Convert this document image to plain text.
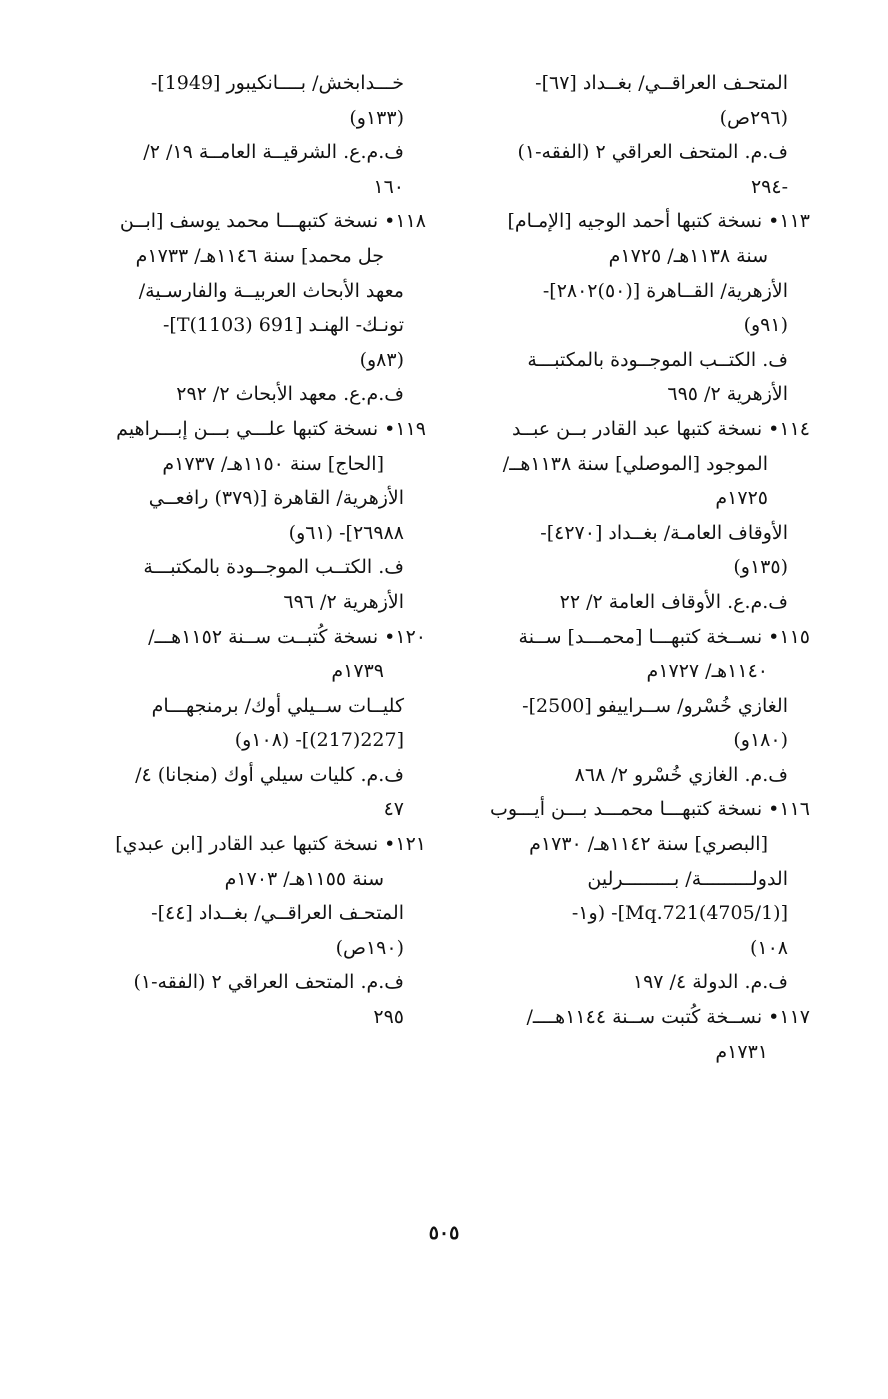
المتحـف العراقــي/ بغــداد [٦٧]-
(٢٩٦ص)
ف.م. المتحف العراقي ٢ (الفقه-١)
-٢٩٤
١١٣• نسخة كتبها أحمد الوجيه [الإمـام]
سنة ١١٣٨هـ/ ١٧٢٥م
الأزهرية/ القــاهرة [(٥٠)٢٨٠٢]-
(٩١و)
ف. الكتــب الموجــودة بالمكتبـــة
الأزهرية ٢/ ٦٩٥
١١٤• نسخة كتبها عبد القادر بــن عبــد
الموجود [الموصلي] سنة ١١٣٨هــ/
١٧٢٥م
الأوقاف العامـة/ بغــداد [٤٢٧٠]-
(١٣٥و)
ف.م.ع. الأوقاف العامة ٢/ ٢٢
١١٥• نســخة كتبهـــا [محمـــد] ســنة
١١٤٠هـ/ ١٧٢٧م
الغازي خُسْرو/ ســراييفو [2500]-
(١٨٠و)
ف.م. الغازي خُسْرو ٢/ ٨٦٨
١١٦• نسخة كتبهـــا محمـــد بـــن أيـــوب
[البصري] سنة ١١٤٢هـ/ ١٧٣٠م
الدولـــــــــة/ بـــــــــرلين
[Mq.721(4705/1)]- (و١-
١٠٨)
ف.م. الدولة ٤/ ١٩٧
١١٧• نســخة كُتبت ســنة ١١٤٤هــــ/
١٧٣١م
خـــدابخش/ بــــانكيبور [1949]-
(١٣٣و)
ف.م.ع. الشرقيــة العامــة ١٩/ ٢/
١٦٠
١١٨• نسخة كتبهـــا محمد يوسف [ابــن
جل محمد] سنة ١١٤٦هـ/ ١٧٣٣م
معهد الأبحاث العربيــة والفارسـية/
تونـك- الهنـد [691 T(1103)]-
(٨٣و)
ف.م.ع. معهد الأبحاث ٢/ ٢٩٢
١١٩• نسخة كتبها علـــي بـــن إبـــراهيم
[الحاج] سنة ١١٥٠هـ/ ١٧٣٧م
الأزهرية/ القاهرة [(٣٧٩) رافعــي
٢٦٩٨٨]- (٦١و)
ف. الكتــب الموجــودة بالمكتبـــة
الأزهرية ٢/ ٦٩٦
١٢٠• نسخة كُتبــت ســنة ١١٥٢هـــ/
١٧٣٩م
كليــات ســيلي أوك/ برمنجهـــام
[227(217)]- (١٠٨و)
ف.م. كليات سيلي أوك (منجانا) ٤/
٤٧
١٢١• نسخة كتبها عبد القادر [ابن عبدي]
سنة ١١٥٥هـ/ ١٧٠٣م
المتحـف العراقــي/ بغــداد [٤٤]-
(١٩٠ص)
ف.م. المتحف العراقي ٢ (الفقه-١)
٢٩٥
٥٠٥
